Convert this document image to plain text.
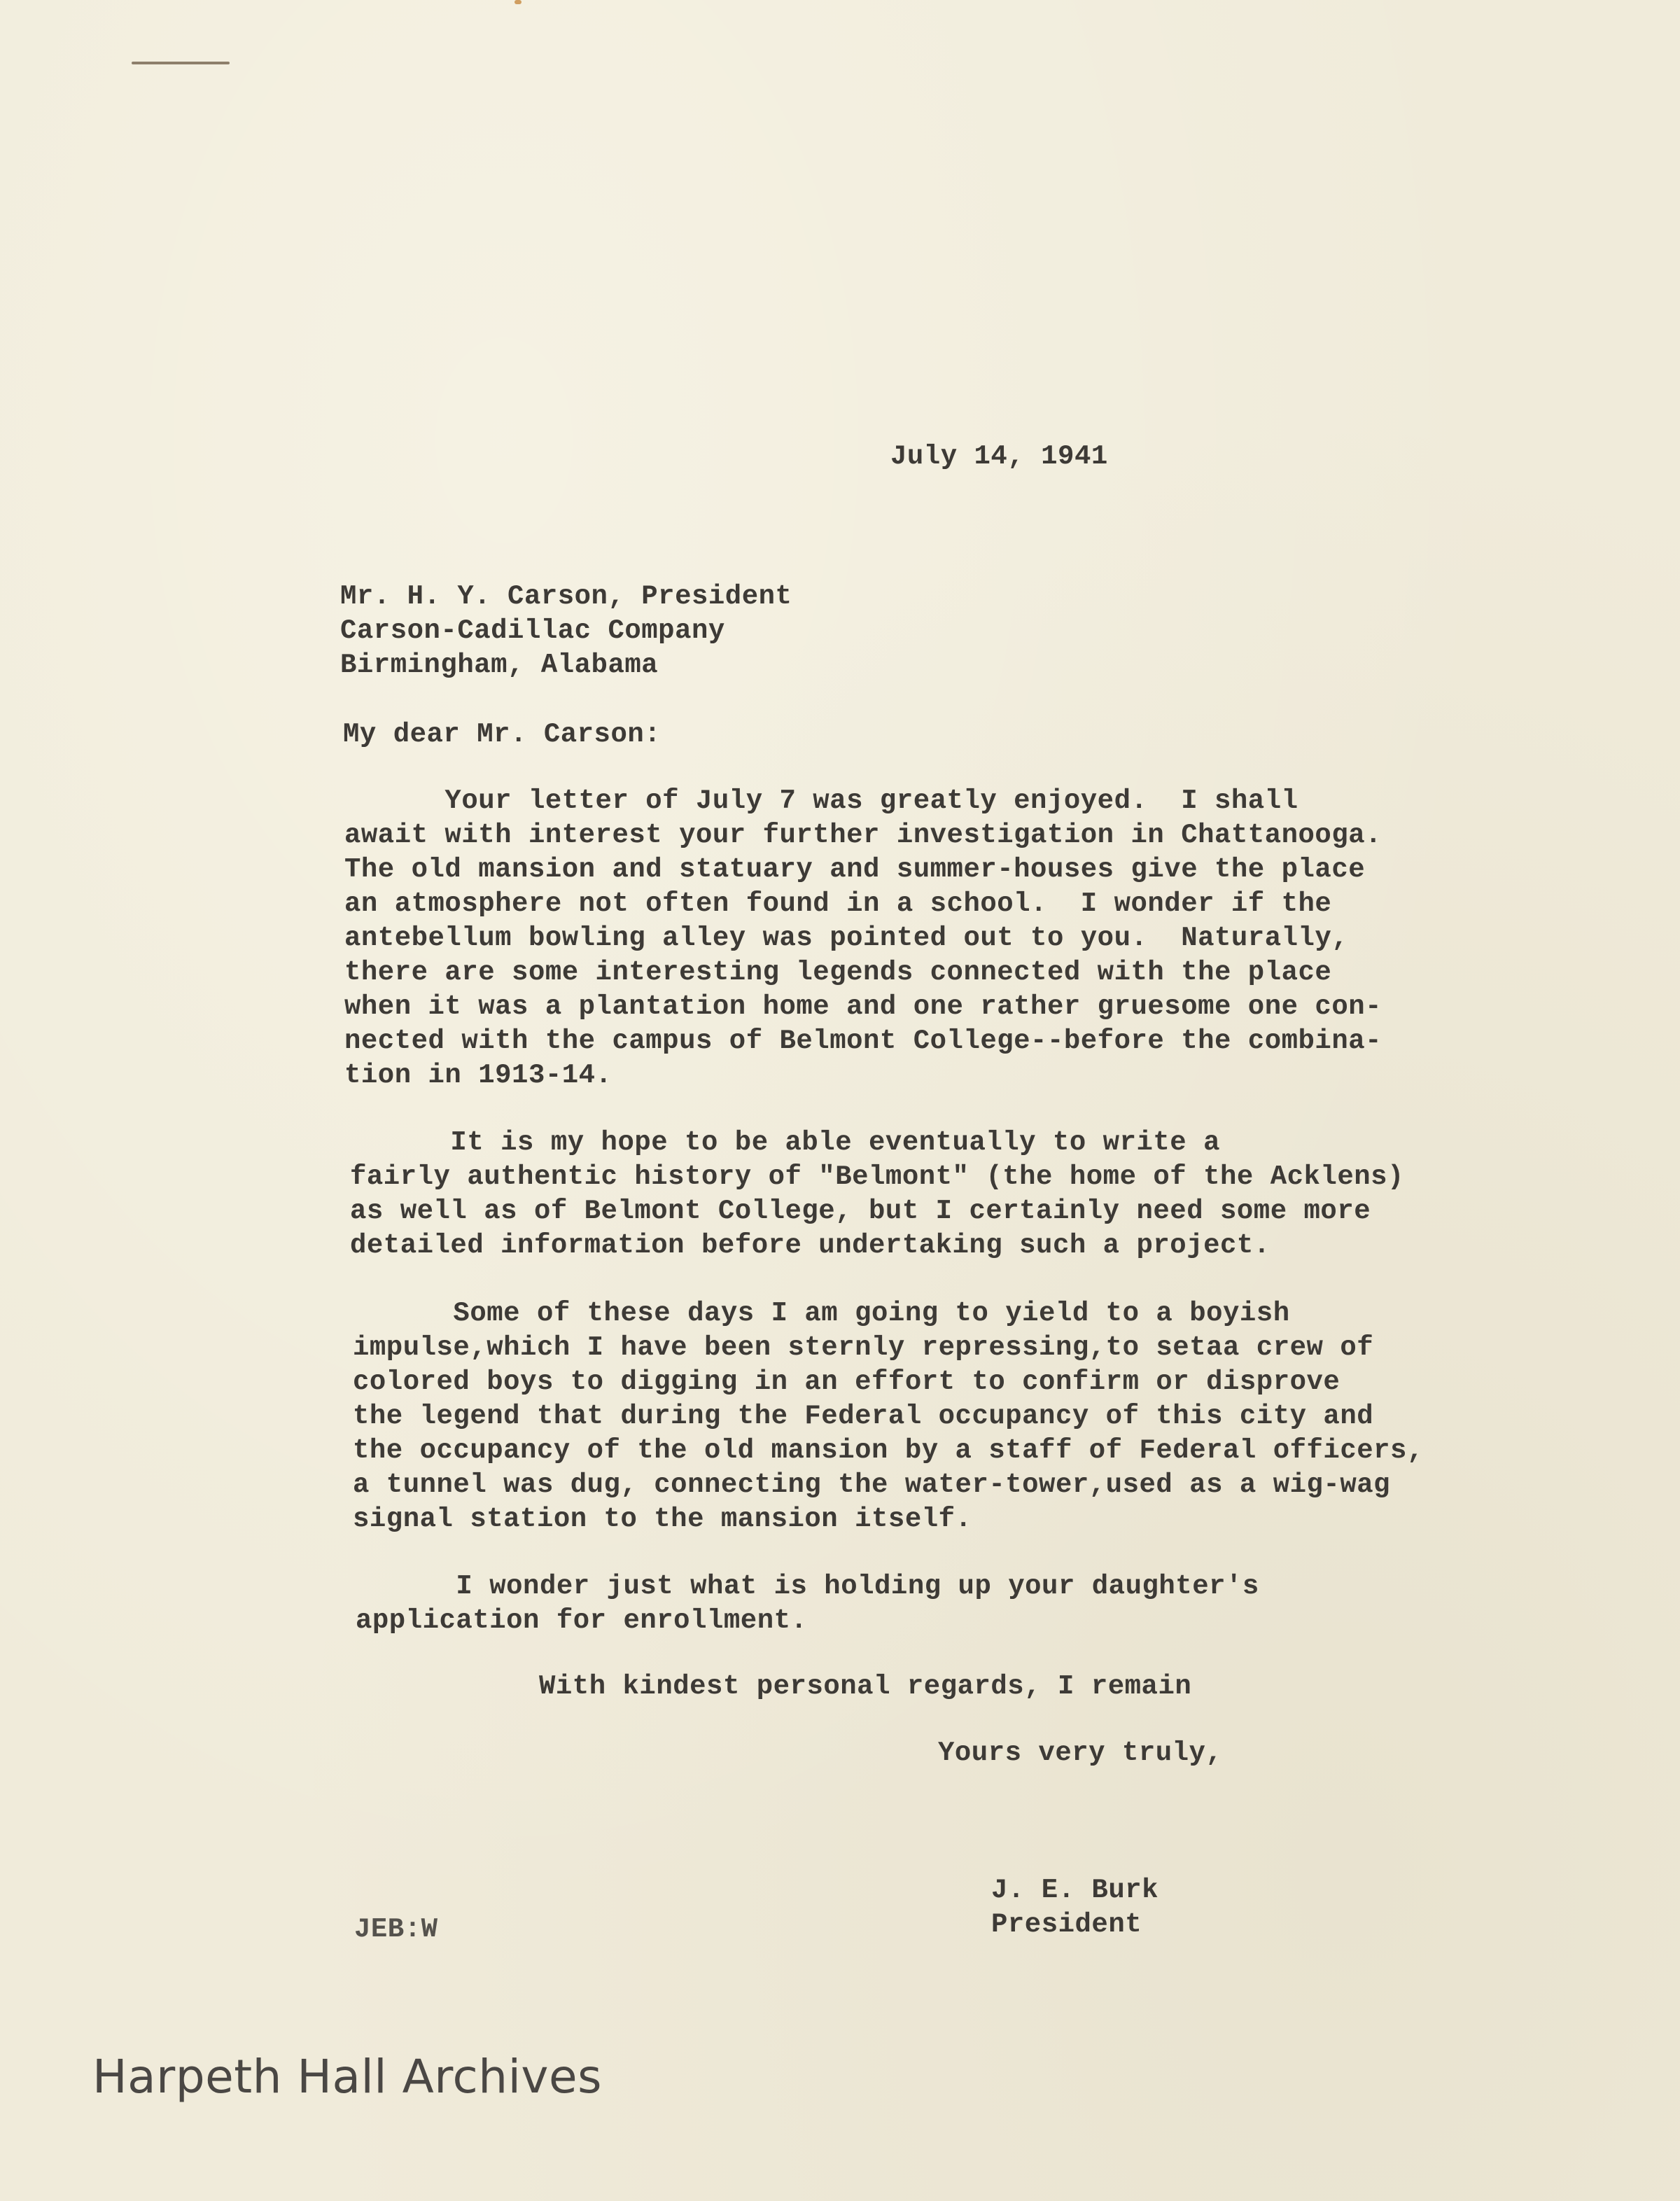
July 14, 1941
Mr. H. Y. Carson, President
Carson-Cadillac Company
Birmingham, Alabama
My dear Mr. Carson:
Your letter of July 7 was greatly enjoyed.  I shall
await with interest your further investigation in Chattanooga.
The old mansion and statuary and summer-houses give the place
an atmosphere not often found in a school.  I wonder if the
antebellum bowling alley was pointed out to you.  Naturally,
there are some interesting legends connected with the place
when it was a plantation home and one rather gruesome one con-
nected with the campus of Belmont College--before the combina-
tion in 1913-14.
It is my hope to be able eventually to write a
fairly authentic history of "Belmont" (the home of the Acklens)
as well as of Belmont College, but I certainly need some more
detailed information before undertaking such a project.
Some of these days I am going to yield to a boyish
impulse,which I have been sternly repressing,to setaa crew of
colored boys to digging in an effort to confirm or disprove
the legend that during the Federal occupancy of this city and
the occupancy of the old mansion by a staff of Federal officers,
a tunnel was dug, connecting the water-tower,used as a wig-wag
signal station to the mansion itself.
I wonder just what is holding up your daughter's
application for enrollment.
With kindest personal regards, I remain
Yours very truly,
J. E. Burk
President
JEB:W
Harpeth Hall Archives
